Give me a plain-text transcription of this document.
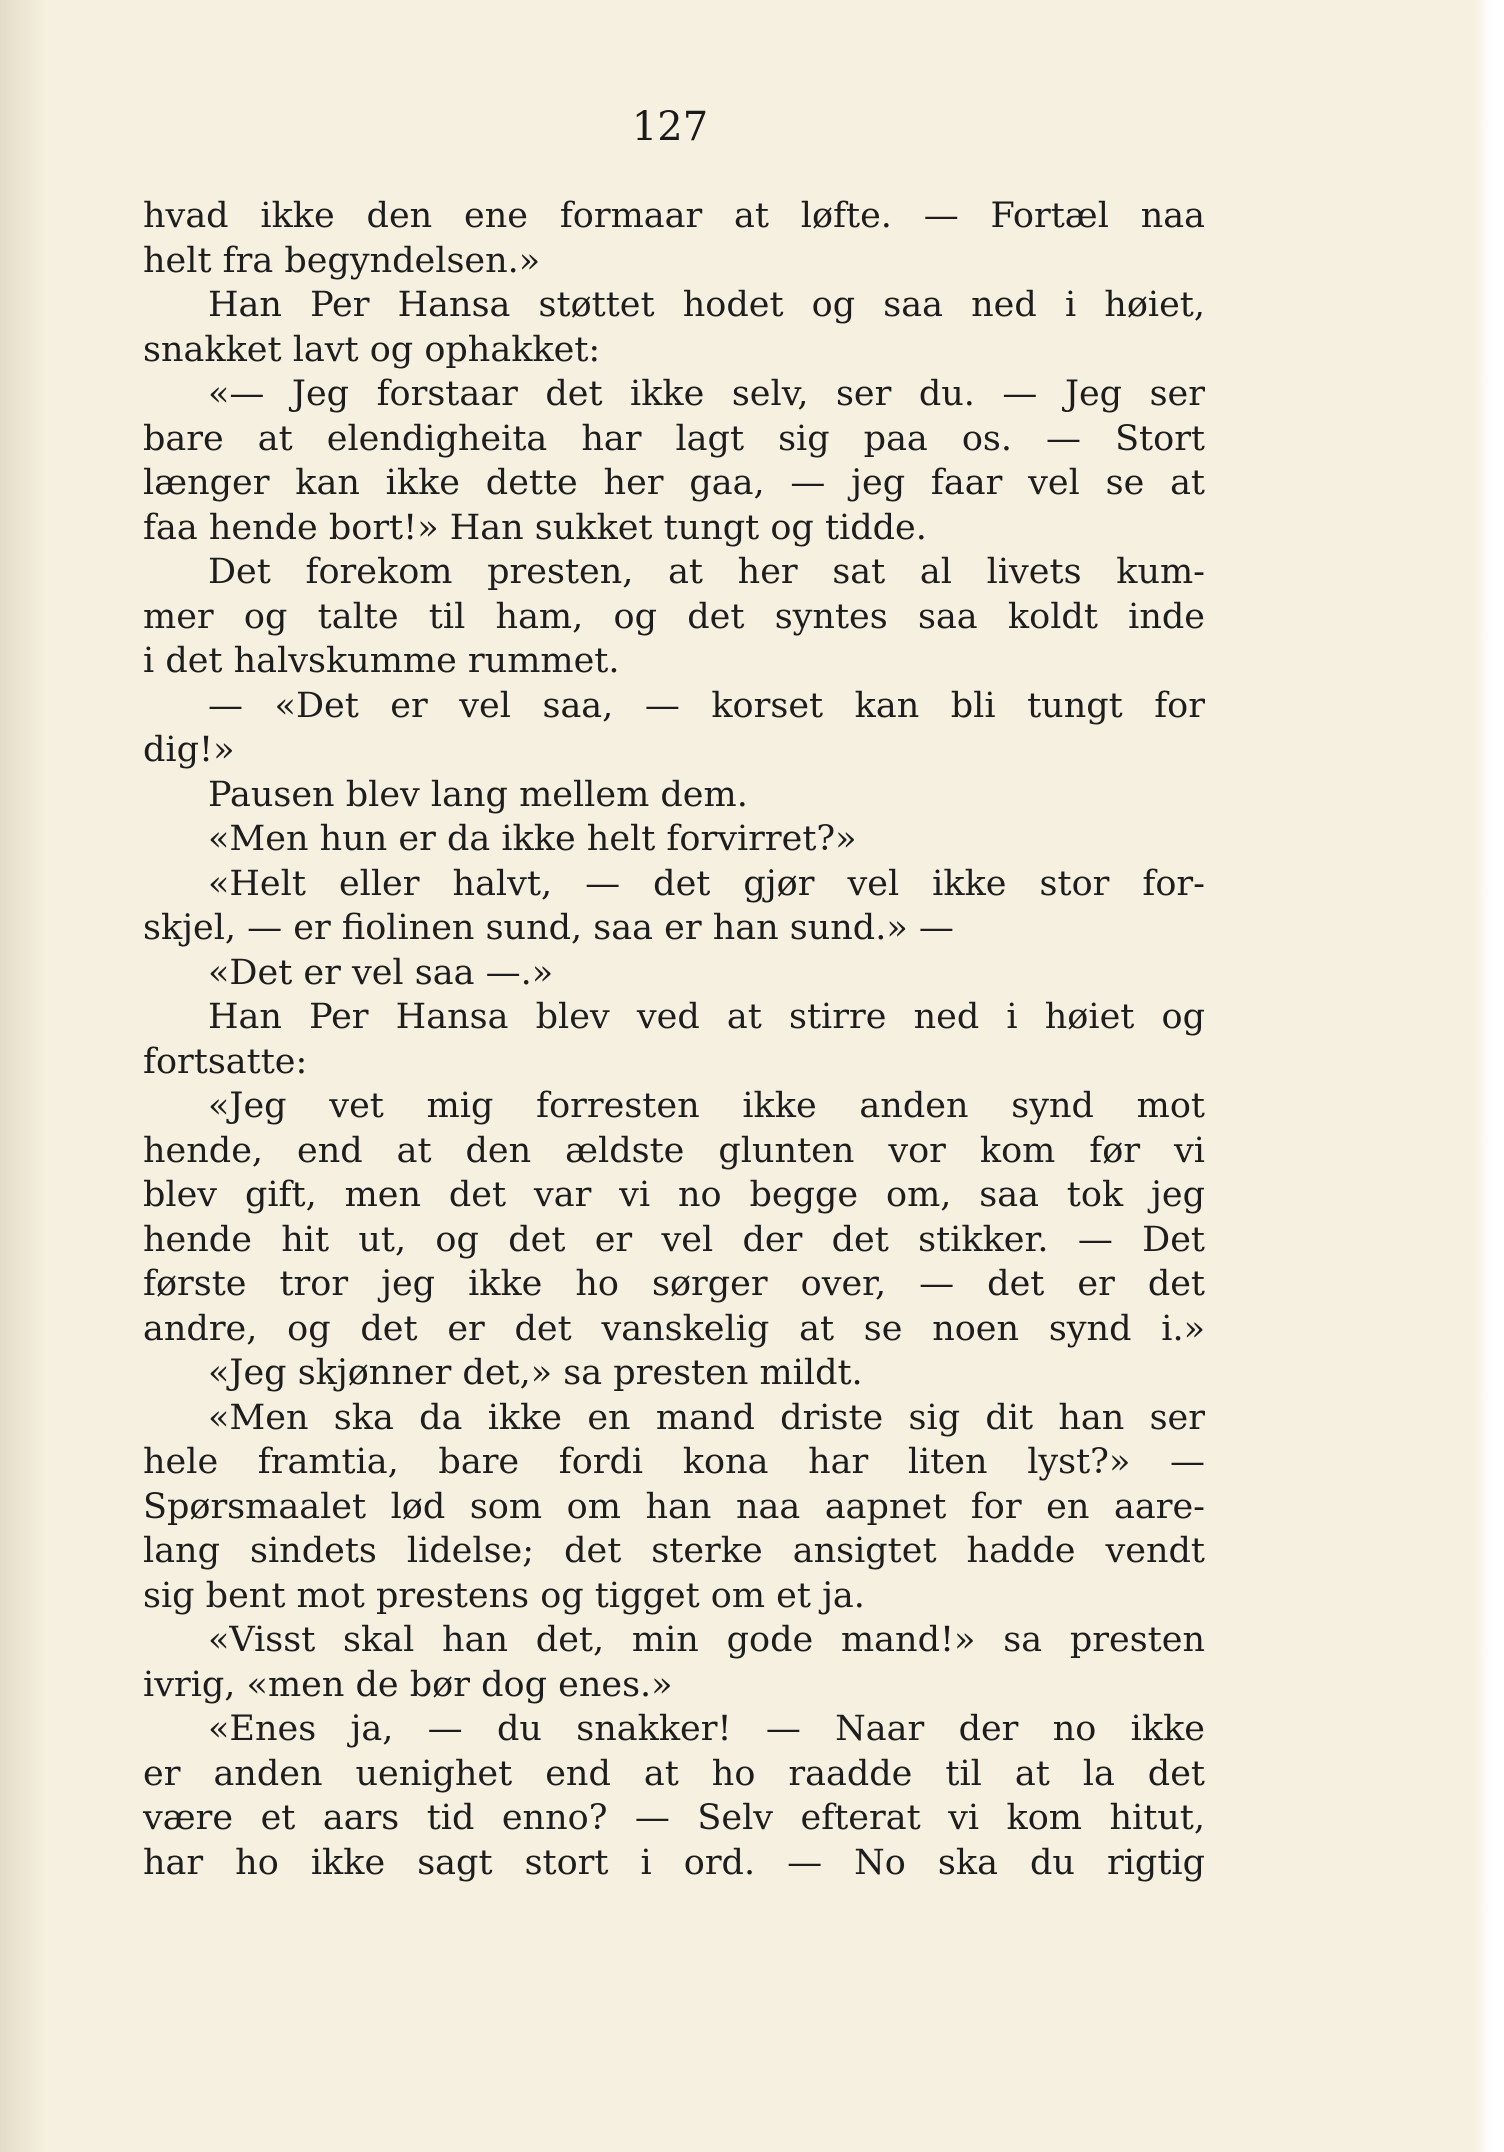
127

hvad ikke den ene formaar at løfte. — Fortæl naa
helt fra begyndelsen.»
Han Per Hansa støttet hodet og saa ned i høiet,
snakket lavt og ophakket:
«— Jeg forstaar det ikke selv, ser du. — Jeg ser
bare at elendigheita har lagt sig paa os. — Stort
længer kan ikke dette her gaa, — jeg faar vel se at
faa hende bort!» Han sukket tungt og tidde.
Det forekom presten, at her sat al livets kum-
mer og talte til ham, og det syntes saa koldt inde
i det halvskumme rummet.
— «Det er vel saa, — korset kan bli tungt for
dig!»
Pausen blev lang mellem dem.
«Men hun er da ikke helt forvirret?»
«Helt eller halvt, — det gjør vel ikke stor for-
skjel, — er fiolinen sund, saa er han sund.» —
«Det er vel saa —.»
Han Per Hansa blev ved at stirre ned i høiet og
fortsatte:
«Jeg vet mig forresten ikke anden synd mot
hende, end at den ældste glunten vor kom før vi
blev gift, men det var vi no begge om, saa tok jeg
hende hit ut, og det er vel der det stikker. — Det
første tror jeg ikke ho sørger over, — det er det
andre, og det er det vanskelig at se noen synd i.»
«Jeg skjønner det,» sa presten mildt.
«Men ska da ikke en mand driste sig dit han ser
hele framtia, bare fordi kona har liten lyst?» —
Spørsmaalet lød som om han naa aapnet for en aare-
lang sindets lidelse; det sterke ansigtet hadde vendt
sig bent mot prestens og tigget om et ja.
«Visst skal han det, min gode mand!» sa presten
ivrig, «men de bør dog enes.»
«Enes ja, — du snakker! — Naar der no ikke
er anden uenighet end at ho raadde til at la det
være et aars tid enno? — Selv efterat vi kom hitut,
har ho ikke sagt stort i ord. — No ska du rigtig
